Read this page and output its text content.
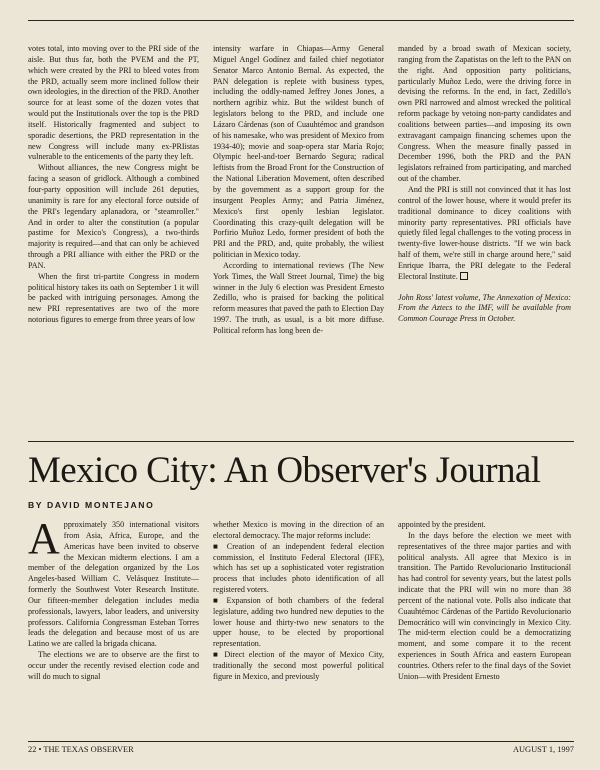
votes total, into moving over to the PRI side of the aisle. But thus far, both the PVEM and the PT, which were created by the PRI to bleed votes from the PRD, actually seem more inclined follow their own ideologies, in the direction of the PRD. Another source for at least some of the dozen votes that would put the Institutionals over the top is the PRD itself. Historically fragmented and subject to sporadic desertions, the PRD representation in the new Congress will include many ex-PRIistas vulnerable to the enticements of the party they left.

Without alliances, the new Congress might be facing a season of gridlock. Although a combined four-party opposition will include 261 deputies, unanimity is rare for any electoral force outside of the PRI's legendary aplanadora, or "steamroller." And in order to alter the constitution (a popular pastime for Mexico's Congress), a two-thirds majority is required—and that can only be achieved through a PRI alliance with either the PRD or the PAN.

When the first tri-partite Congress in modern political history takes its oath on September 1 it will be packed with intriguing personages. Among the new PRI representatives are two of the more notorious figures to emerge from three years of low

intensity warfare in Chiapas—Army General Miguel Angel Godínez and failed chief negotiator Senator Marco Antonio Bernal. As expected, the PAN delegation is replete with business types, including the oddly-named Jeffrey Jones Jones, a northern agribiz whiz. But the wildest bunch of legislators belong to the PRD, and include one Lázaro Cárdenas (son of Cuauhtémoc and grandson of his namesake, who was president of Mexico from 1934-40); movie and soap-opera star María Rojo; Olympic heel-and-toer Bernardo Segura; radical leftists from the Broad Front for the Construction of the National Liberation Movement, often described by the government as a support group for the insurgent Peoples Army; and Patria Jiménez, Mexico's first openly lesbian legislator. Coordinating this crazy-quilt delegation will be Porfirio Muñoz Ledo, former president of both the PRI and the PRD, and, quite probably, the wiliest politician in Mexico today.

According to international reviews (The New York Times, the Wall Street Journal, Time) the big winner in the July 6 election was President Ernesto Zedillo, who is praised for backing the political reform measures that paved the path to Election Day 1997. The truth, as usual, is a bit more diffuse. Political reform has long been de-

manded by a broad swath of Mexican society, ranging from the Zapatistas on the left to the PAN on the right. And opposition party politicians, particularly Muñoz Ledo, were the driving force in devising the reforms. In the end, in fact, Zedillo's own PRI narrowed and almost wrecked the political reform package by vetoing non-party candidates and coalitions between parties—and imposing its own extravagant campaign financing schemes upon the Congress. When the measure finally passed in December 1996, both the PRD and the PAN legislators refrained from participating, and marched out of the chamber.

And the PRI is still not convinced that it has lost control of the lower house, where it would prefer its traditional dominance to dicey coalitions with minority party representatives. PRI officials have quietly filed legal challenges to the voting process in twenty-five lower-house districts. "If we win back half of them, we're still in charge around here," said Enrique Ibarra, the PRI delegate to the Federal Electoral Institute.

John Ross' latest volume, The Annexation of Mexico: From the Aztecs to the IMF, will be available from Common Courage Press in October.

Mexico City: An Observer's Journal

BY DAVID MONTEJANO

Approximately 350 international visitors from Asia, Africa, Europe, and the Americas have been invited to observe the Mexican midterm elections. I am a member of the delegation organized by the Los Angeles-based William C. Velásquez Institute—formerly the Southwest Voter Research Institute. Our fifteen-member delegation includes media professionals, lawyers, labor leaders, and university professors. California Congressman Esteban Torres leads the delegation and because most of us are Latino we are called la brigada chicana.

The elections we are to observe are the first to occur under the recently revised election code and will do much to signal

whether Mexico is moving in the direction of an electoral democracy. The major reforms include:

■ Creation of an independent federal election commission, el Instituto Federal Electoral (IFE), which has set up a sophisticated voter registration process that includes photo identification of all registered voters.

■ Expansion of both chambers of the federal legislature, adding two hundred new deputies to the lower house and thirty-two new senators to the upper house, to be elected by proportional representation.

■ Direct election of the mayor of Mexico City, traditionally the second most powerful political figure in Mexico, and previously

appointed by the president.

In the days before the election we meet with representatives of the three major parties and with political analysts. All agree that Mexico is in transition. The Partido Revolucionario Institucionál has had control for seventy years, but the latest polls indicate that the PRI will win no more than 38 percent of the national vote. Polls also indicate that Cuauhtémoc Cárdenas of the Partido Revolucionario Democrático will win convincingly in Mexico City. The mid-term election could be a democratizing moment, and some compare it to the recent experiences in South Africa and eastern European countries. Others refer to the final days of the Soviet Union—with President Ernesto

22 • THE TEXAS OBSERVER	AUGUST 1, 1997
